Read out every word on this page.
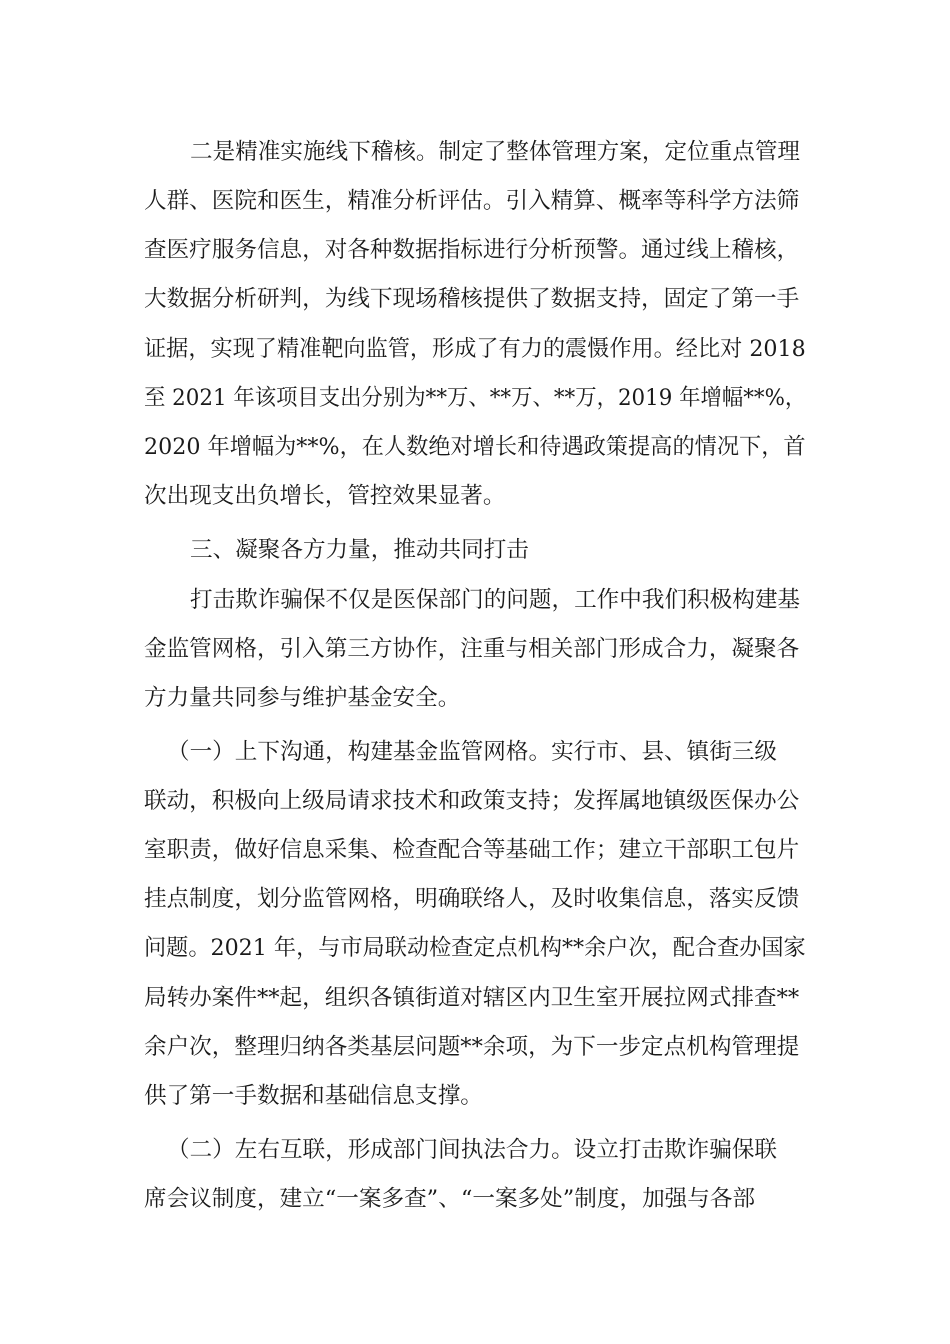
二是精准实施线下稽核。制定了整体管理方案，定位重点管理
人群、医院和医生，精准分析评估。引入精算、概率等科学方法筛
查医疗服务信息，对各种数据指标进行分析预警。通过线上稽核，
大数据分析研判，为线下现场稽核提供了数据支持，固定了第一手
证据，实现了精准靶向监管，形成了有力的震慑作用。经比对 2018
至 2021 年该项目支出分别为**万、**万、**万，2019 年增幅**%，
2020 年增幅为**%，在人数绝对增长和待遇政策提高的情况下，首
次出现支出负增长，管控效果显著。
三、凝聚各方力量，推动共同打击
打击欺诈骗保不仅是医保部门的问题，工作中我们积极构建基
金监管网格，引入第三方协作，注重与相关部门形成合力，凝聚各
方力量共同参与维护基金安全。
（一）上下沟通，构建基金监管网格。实行市、县、镇街三级
联动，积极向上级局请求技术和政策支持；发挥属地镇级医保办公
室职责，做好信息采集、检查配合等基础工作；建立干部职工包片
挂点制度，划分监管网格，明确联络人，及时收集信息，落实反馈
问题。2021 年，与市局联动检查定点机构**余户次，配合查办国家
局转办案件**起，组织各镇街道对辖区内卫生室开展拉网式排查**
余户次，整理归纳各类基层问题**余项，为下一步定点机构管理提
供了第一手数据和基础信息支撑。
（二）左右互联，形成部门间执法合力。设立打击欺诈骗保联
席会议制度，建立“一案多查”、“一案多处”制度，加强与各部
